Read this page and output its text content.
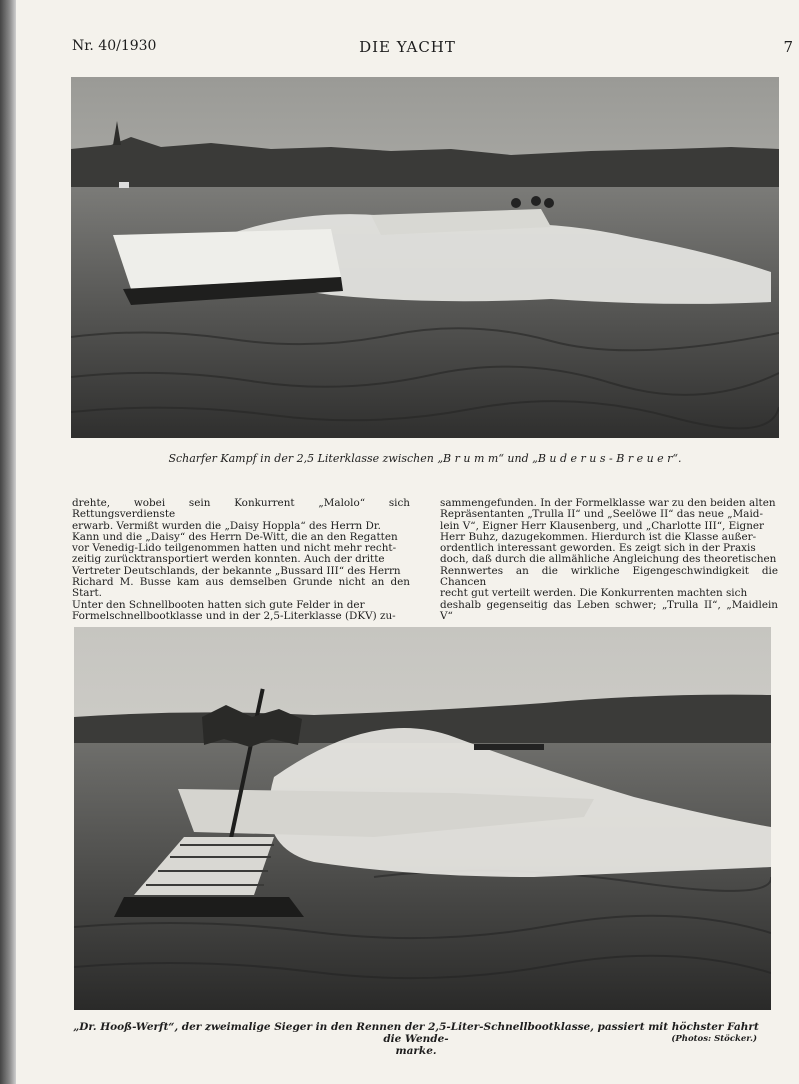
Nr. 40/1930	DIE YACHT	7
Scharfer Kampf in der 2,5 Literklasse zwischen „B r u m m“ und „B u d e r u s - B r e u e r“.

drehte, wobei sein Konkurrent „Malolo“ sich Rettungsverdienste

erwarb. Vermißt wurden die „Daisy Hoppla“ des Herrn Dr.

Kann und die „Daisy“ des Herrn De-Witt, die an den Regatten

vor Venedig-Lido teilgenommen hatten und nicht mehr recht-

zeitig zurücktransportiert werden konnten. Auch der dritte

Vertreter Deutschlands, der bekannte „Bussard III“ des Herrn

Richard M. Busse kam aus demselben Grunde nicht an den Start.

Unter den Schnellbooten hatten sich gute Felder in der

Formelschnellbootklasse und in der 2,5-Literklasse (DKV) zu-

sammengefunden. In der Formelklasse war zu den beiden alten

Repräsentanten „Trulla II“ und „Seelöwe II“ das neue „Maid-

lein V“, Eigner Herr Klausenberg, und „Charlotte III“, Eigner

Herr Buhz, dazugekommen. Hierdurch ist die Klasse außer-

ordentlich interessant geworden. Es zeigt sich in der Praxis

doch, daß durch die allmähliche Angleichung des theoretischen

Rennwertes an die wirkliche Eigengeschwindigkeit die Chancen

recht gut verteilt werden. Die Konkurrenten machten sich

deshalb gegenseitig das Leben schwer; „Trulla II“, „Maidlein V“

„Dr. Hooß-Werft“, der zweimalige Sieger in den Rennen der 2,5-Liter-Schnellbootklasse, passiert mit höchster Fahrt die Wende-
marke.
(Photos: Stöcker.)
